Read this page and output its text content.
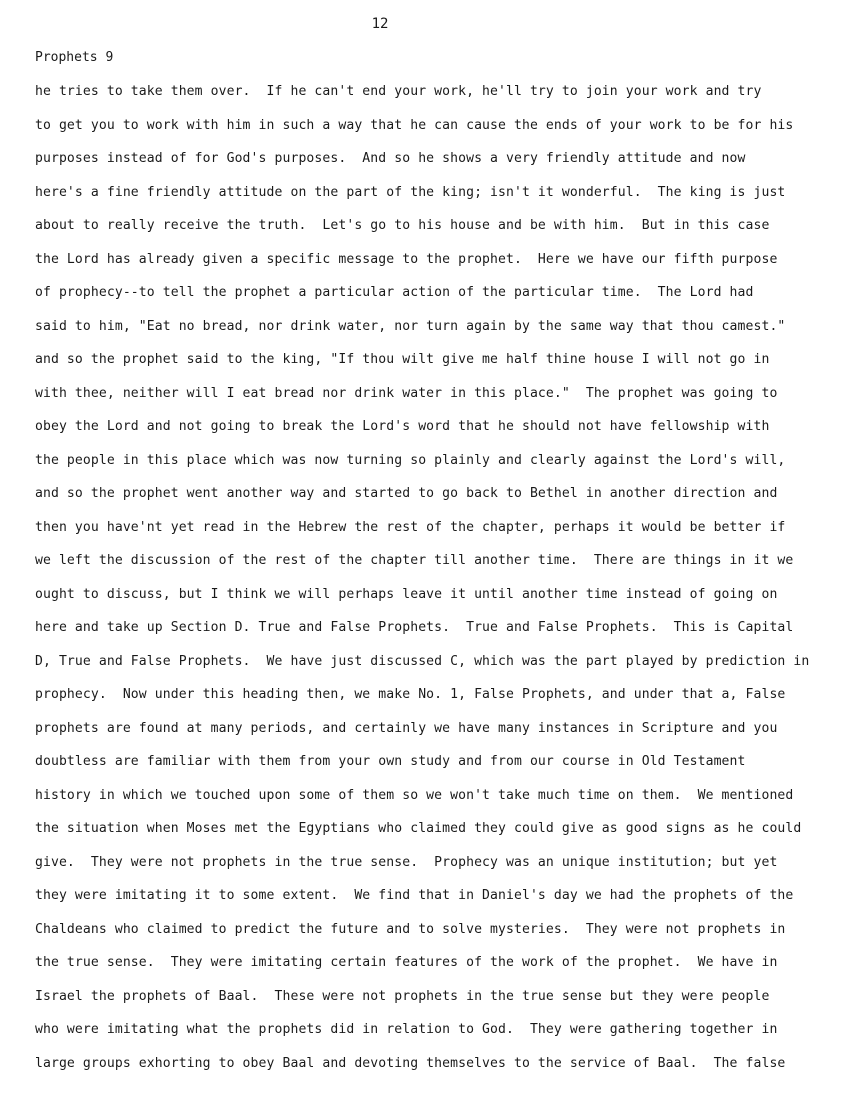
12
Prophets 9
he tries to take them over.  If he can't end your work, he'll try to join your work and try
to get you to work with him in such a way that he can cause the ends of your work to be for his
purposes instead of for God's purposes.  And so he shows a very friendly attitude and now
here's a fine friendly attitude on the part of the king; isn't it wonderful.  The king is just
about to really receive the truth.  Let's go to his house and be with him.  But in this case
the Lord has already given a specific message to the prophet.  Here we have our fifth purpose
of prophecy--to tell the prophet a particular action of the particular time.  The Lord had
said to him, "Eat no bread, nor drink water, nor turn again by the same way that thou camest."
and so the prophet said to the king, "If thou wilt give me half thine house I will not go in
with thee, neither will I eat bread nor drink water in this place."  The prophet was going to
obey the Lord and not going to break the Lord's word that he should not have fellowship with
the people in this place which was now turning so plainly and clearly against the Lord's will,
and so the prophet went another way and started to go back to Bethel in another direction and
then you have'nt yet read in the Hebrew the rest of the chapter, perhaps it would be better if
we left the discussion of the rest of the chapter till another time.  There are things in it we
ought to discuss, but I think we will perhaps leave it until another time instead of going on
here and take up Section D. True and False Prophets.  True and False Prophets.  This is Capital
D, True and False Prophets.  We have just discussed C, which was the part played by prediction in
prophecy.  Now under this heading then, we make No. 1, False Prophets, and under that a, False
prophets are found at many periods, and certainly we have many instances in Scripture and you
doubtless are familiar with them from your own study and from our course in Old Testament
history in which we touched upon some of them so we won't take much time on them.  We mentioned
the situation when Moses met the Egyptians who claimed they could give as good signs as he could
give.  They were not prophets in the true sense.  Prophecy was an unique institution; but yet
they were imitating it to some extent.  We find that in Daniel's day we had the prophets of the
Chaldeans who claimed to predict the future and to solve mysteries.  They were not prophets in
the true sense.  They were imitating certain features of the work of the prophet.  We have in
Israel the prophets of Baal.  These were not prophets in the true sense but they were people
who were imitating what the prophets did in relation to God.  They were gathering together in
large groups exhorting to obey Baal and devoting themselves to the service of Baal.  The false
